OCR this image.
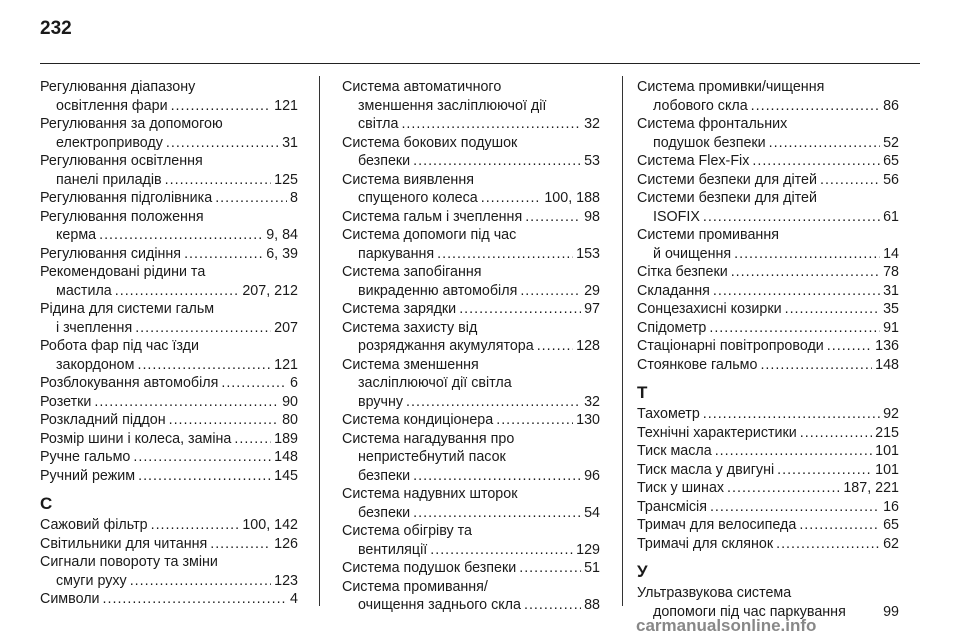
232
Регулювання діапазону
освітлення фари .....	121
Регулювання за допомогою
електроприводу .....	31
Регулювання освітлення
панелі приладів .....	125
Регулювання підголівника .....	8
Регулювання положення
керма .....	9, 84
Регулювання сидіння .....	6, 39
Рекомендовані рідини та
мастила .....	207, 212
Рідина для системи гальм
і зчеплення .....	207
Робота фар під час їзди
закордоном .....	121
Розблокування автомобіля .....	6
Розетки .....	90
Розкладний піддон .....	80
Розмір шини і колеса, заміна .....	189
Ручне гальмо .....	148
Ручний режим .....	145
С
Сажовий фільтр .....	100, 142
Світильники для читання .....	126
Сигнали повороту та зміни
смуги руху .....	123
Символи .....	4
Система автоматичного
зменшення засліплюючої дії
світла .....	32
Система бокових подушок
безпеки .....	53
Система виявлення
спущеного колеса .....	100, 188
Система гальм і зчеплення .....	98
Система допомоги під час
паркування .....	153
Система запобігання
викраденню автомобіля .....	29
Система зарядки .....	97
Система захисту від
розряджання акумулятора .....	128
Система зменшення
засліплюючої дії світла
вручну .....	32
Система кондиціонера .....	130
Система нагадування про
непристебнутий пасок
безпеки .....	96
Система надувних шторок
безпеки .....	54
Система обігріву та
вентиляції .....	129
Система подушок безпеки .....	51
Система промивання/
очищення заднього скла .....	88
Система промивки/чищення
лобового скла .....	86
Система фронтальних
подушок безпеки .....	52
Система Flex-Fix .....	65
Системи безпеки для дітей .....	56
Системи безпеки для дітей
ISOFIX .....	61
Системи промивання
й очищення .....	14
Сітка безпеки .....	78
Складання .....	31
Сонцезахисні козирки .....	35
Спідометр .....	91
Стаціонарні повітропроводи .....	136
Стоянкове гальмо .....	148
Т
Тахометр .....	92
Технічні характеристики .....	215
Тиск масла .....	101
Тиск масла у двигуні .....	101
Тиск у шинах .....	187, 221
Трансмісія .....	16
Тримач для велосипеда .....	65
Тримачі для склянок .....	62
У
Ультразвукова система
допомоги під час паркування	99
carmanualsonline.info
